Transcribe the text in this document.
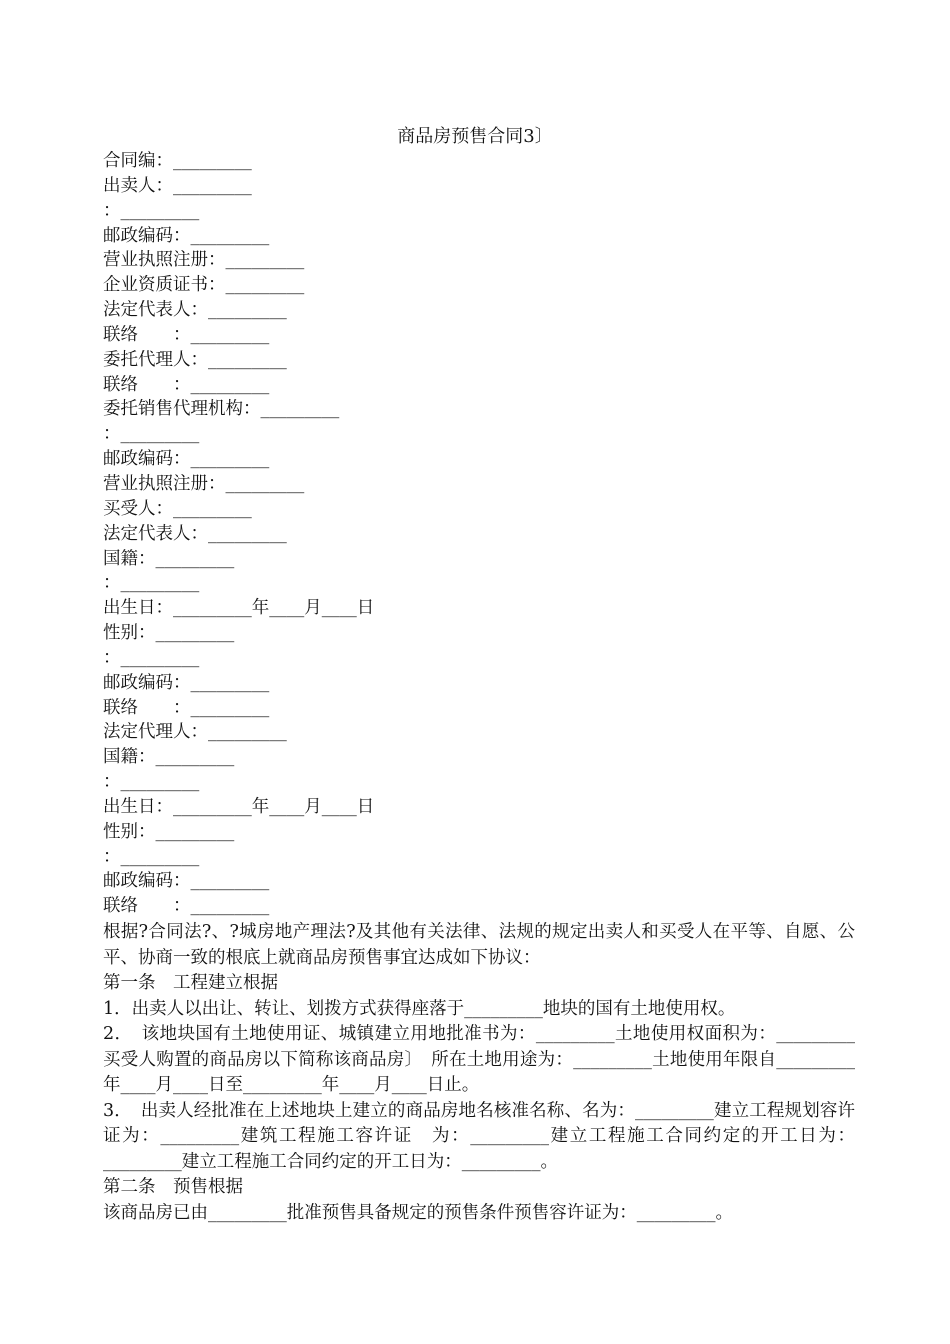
商品房预售合同3〕
合同编：_________
出卖人：_________
：_________
邮政编码：_________
营业执照注册：_________
企业资质证书：_________
法定代表人：_________
联络　　：_________
委托代理人：_________
联络　　：_________
委托销售代理机构：_________
：_________
邮政编码：_________
营业执照注册：_________
买受人：_________
法定代表人：_________
国籍：_________
：_________
出生日：_________年____月____日
性别：_________
：_________
邮政编码：_________
联络　　：_________
法定代理人：_________
国籍：_________
：_________
出生日：_________年____月____日
性别：_________
：_________
邮政编码：_________
联络　　：_________
根据?合同法?、?城房地产理法?及其他有关法律、法规的规定出卖人和买受人在平等、自愿、公平、协商一致的根底上就商品房预售事宜达成如下协议：
第一条　工程建立根据
1．出卖人以出让、转让、划拨方式获得座落于_________地块的国有土地使用权。
2．　该地块国有土地使用证、城镇建立用地批准书为：_________土地使用权面积为：_________买受人购置的商品房以下简称该商品房〕　所在土地用途为：_________土地使用年限自_________年____月____日至_________年____月____日止。
3．　出卖人经批准在上述地块上建立的商品房地名核准名称、名为：_________建立工程规划容许证为：_________建筑工程施工容许证　为：_________建立工程施工合同约定的开工日为：_________建立工程施工合同约定的开工日为：_________。
第二条　预售根据
该商品房已由_________批准预售具备规定的预售条件预售容许证为：_________。
